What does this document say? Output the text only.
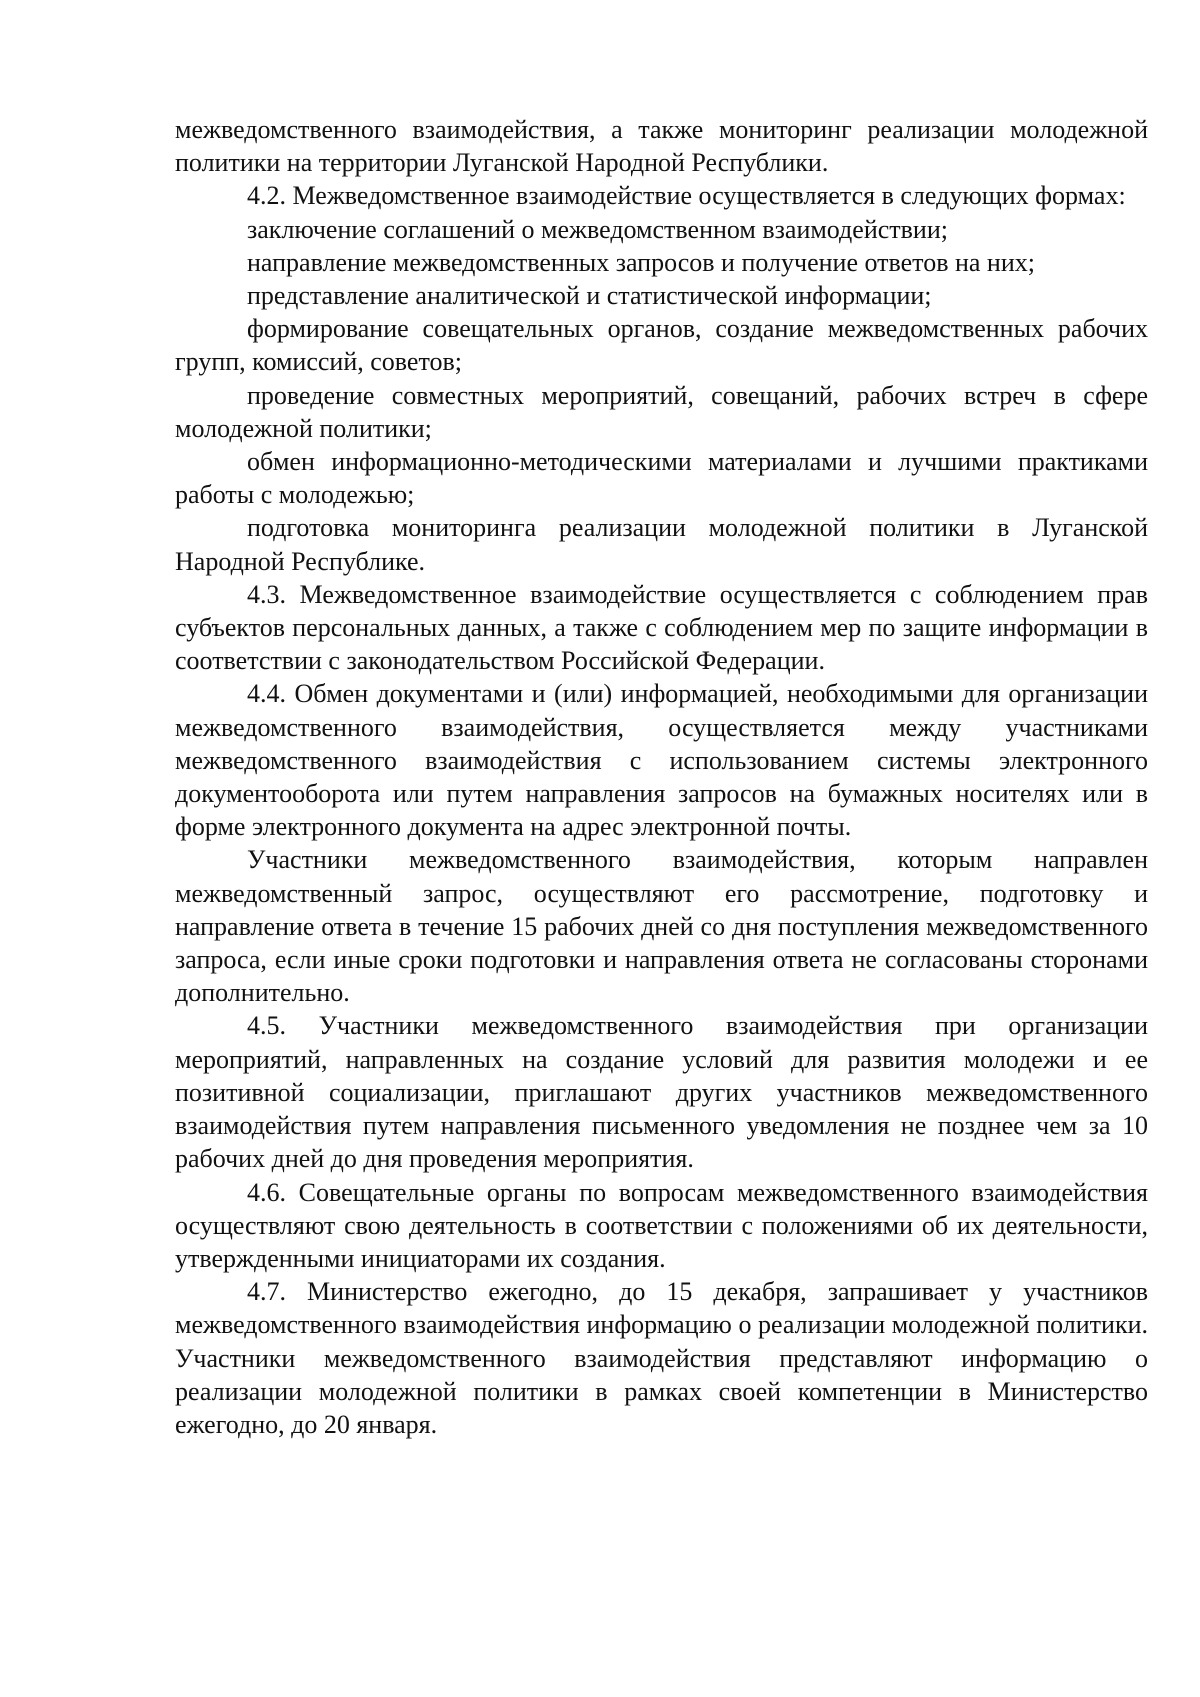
межведомственного взаимодействия, а также мониторинг реализации молодежной политики на территории Луганской Народной Республики.

4.2. Межведомственное взаимодействие осуществляется в следующих формах:

заключение соглашений о межведомственном взаимодействии;

направление межведомственных запросов и получение ответов на них;

представление аналитической и статистической информации;

формирование совещательных органов, создание межведомственных рабочих групп, комиссий, советов;

проведение совместных мероприятий, совещаний, рабочих встреч в сфере молодежной политики;

обмен информационно-методическими материалами и лучшими практиками работы с молодежью;

подготовка мониторинга реализации молодежной политики в Луганской Народной Республике.

4.3. Межведомственное взаимодействие осуществляется с соблюдением прав субъектов персональных данных, а также с соблюдением мер по защите информации в соответствии с законодательством Российской Федерации.

4.4. Обмен документами и (или) информацией, необходимыми для организации межведомственного взаимодействия, осуществляется между участниками межведомственного взаимодействия с использованием системы электронного документооборота или путем направления запросов на бумажных носителях или в форме электронного документа на адрес электронной почты.

Участники межведомственного взаимодействия, которым направлен межведомственный запрос, осуществляют его рассмотрение, подготовку и направление ответа в течение 15 рабочих дней со дня поступления межведомственного запроса, если иные сроки подготовки и направления ответа не согласованы сторонами дополнительно.

4.5. Участники межведомственного взаимодействия при организации мероприятий, направленных на создание условий для развития молодежи и ее позитивной социализации, приглашают других участников межведомственного взаимодействия путем направления письменного уведомления не позднее чем за 10 рабочих дней до дня проведения мероприятия.

4.6. Совещательные органы по вопросам межведомственного взаимодействия осуществляют свою деятельность в соответствии с положениями об их деятельности, утвержденными инициаторами их создания.

4.7. Министерство ежегодно, до 15 декабря, запрашивает у участников межведомственного взаимодействия информацию о реализации молодежной политики. Участники межведомственного взаимодействия представляют информацию о реализации молодежной политики в рамках своей компетенции в Министерство ежегодно, до 20 января.
